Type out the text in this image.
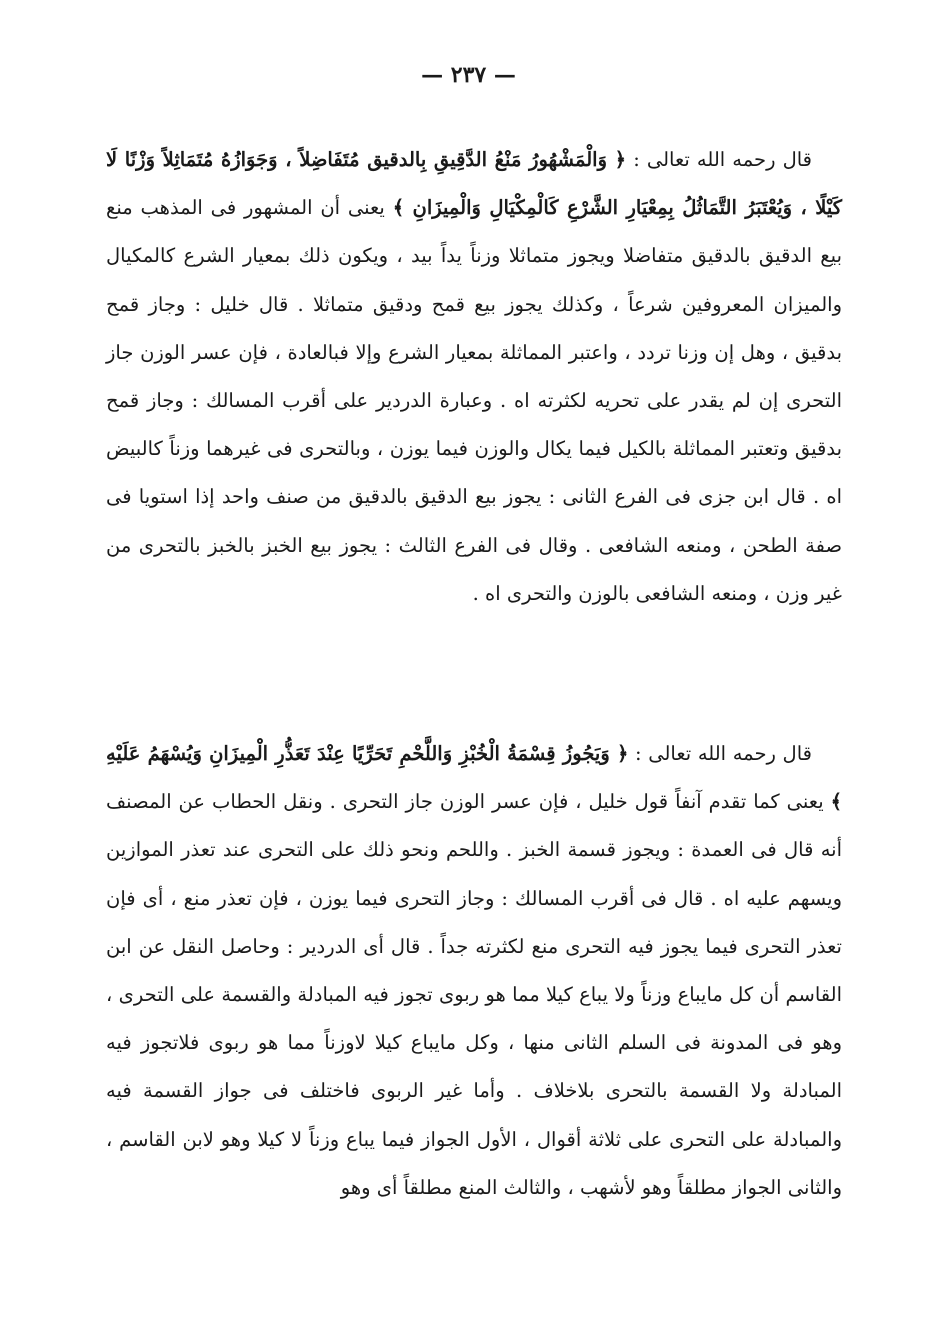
— ٢٣٧ —

قال رحمه الله تعالى : ﴿ وَالْمَشْهُورُ مَنْعُ الدَّقِيقِ بِالدقيق مُتَفَاضِلاً ، وَجَوَازُهُ مُتَمَاثِلاً وَزْنًا لَا كَيْلًا ، وَيُعْتَبَرُ التَّمَاثُلُ بِمِعْيَارِ الشَّرْعِ كَالْمِكْيَالِ وَالْمِيزَانِ ﴾ يعنى أن المشهور فى المذهب منع بيع الدقيق بالدقيق متفاضلا ويجوز متماثلا وزناً يداً بيد ، ويكون ذلك بمعيار الشرع كالمكيال والميزان المعروفين شرعاً ، وكذلك يجوز بيع قمح ودقيق متماثلا . قال خليل : وجاز قمح بدقيق ، وهل إن وزنا تردد ، واعتبر المماثلة بمعيار الشرع وإلا فبالعادة ، فإن عسر الوزن جاز التحرى إن لم يقدر على تحريه لكثرته اه . وعبارة الدردير على أقرب المسالك : وجاز قمح بدقيق وتعتبر المماثلة بالكيل فيما يكال والوزن فيما يوزن ، وبالتحرى فى غيرهما وزناً كالبيض اه . قال ابن جزى فى الفرع الثانى : يجوز بيع الدقيق بالدقيق من صنف واحد إذا استويا فى صفة الطحن ، ومنعه الشافعى . وقال فى الفرع الثالث : يجوز بيع الخبز بالخبز بالتحرى من غير وزن ، ومنعه الشافعى بالوزن والتحرى اه .

قال رحمه الله تعالى : ﴿ وَيَجُوزُ قِسْمَةُ الْخُبْزِ وَاللَّحْمِ تَحَرِّيًا عِنْدَ تَعَذُّرِ الْمِيزَانِ وَيُسْهَمُ عَلَيْهِ ﴾ يعنى كما تقدم آنفاً قول خليل ، فإن عسر الوزن جاز التحرى . ونقل الحطاب عن المصنف أنه قال فى العمدة : ويجوز قسمة الخبز . واللحم ونحو ذلك على التحرى عند تعذر الموازين ويسهم عليه اه . قال فى أقرب المسالك : وجاز التحرى فيما يوزن ، فإن تعذر منع ، أى فإن تعذر التحرى فيما يجوز فيه التحرى منع لكثرته جداً . قال أى الدردير : وحاصل النقل عن ابن القاسم أن كل مايباع وزناً ولا يباع كيلا مما هو ربوى تجوز فيه المبادلة والقسمة على التحرى ، وهو فى المدونة فى السلم الثانى منها ، وكل مايباع كيلا لاوزناً مما هو ربوى فلاتجوز فيه المبادلة ولا القسمة بالتحرى بلاخلاف . وأما غير الربوى فاختلف فى جواز القسمة فيه والمبادلة على التحرى على ثلاثة أقوال ، الأول الجواز فيما يباع وزناً لا كيلا وهو لابن القاسم ، والثانى الجواز مطلقاً وهو لأشهب ، والثالث المنع مطلقاً أى وهو
